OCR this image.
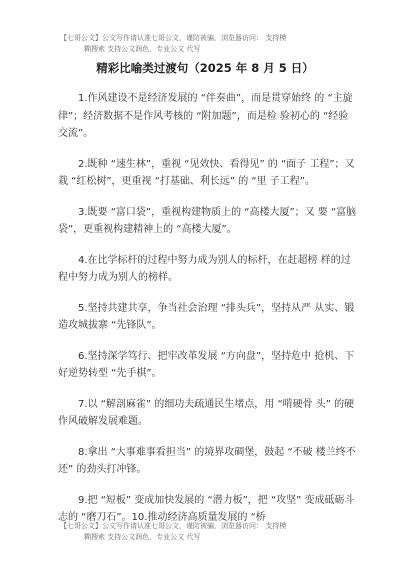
【七哥公文】公文写作请认准七哥公文，谨防被骗，浏览器访问： 支持模
糊搜索 支持公文润色，专业公文 代写
精彩比喻类过渡句（2025 年 8 月 5 日）

1.作风建设不是经济发展的 “伴奏曲”，而是贯穿始终 的 “主旋律”；经济数据不是作风考核的 “附加题”，而是检 验初心的 “经验交流”。

2.既种 “速生林”，重视 “见效快、看得见” 的 “面子 工程”；又栽 “红松树”，更重视 “打基础、利长远” 的 “里 子工程”。

3.既要 “富口袋”，重视构建物质上的 “高楼大厦”；又 要 “富脑袋”，更重视构建精神上的 “高楼大厦”。

4.在比学标杆的过程中努力成为别人的标杆，在赶超榜 样的过程中努力成为别人的榜样。

5.坚持共建共享，争当社会治理 “排头兵”，坚持从严 从实、锻造攻城拔寨 “先锋队”。

6.坚持深学笃行、把牢改革发展 “方向盘”，坚持危中 抢机、下好逆势转型 “先手棋”。

7.以 “解剖麻雀” 的细功夫疏通民生堵点，用 “啃硬骨 头” 的硬作风破解发展难题。

8.拿出 “大事难事看担当” 的境界攻碉堡，鼓起 “不破 楼兰终不还” 的劲头打冲锋。

9.把 “短板” 变成加快发展的 “潜力板”，把 “攻坚” 变成砥砺斗志的 “磨刀石”。10.推动经济高质量发展的 “桥

【七哥公文】公文写作请认准七哥公文，谨防被骗，浏览器访问： 支持模
糊搜索 支持公文润色，专业公文 代写
